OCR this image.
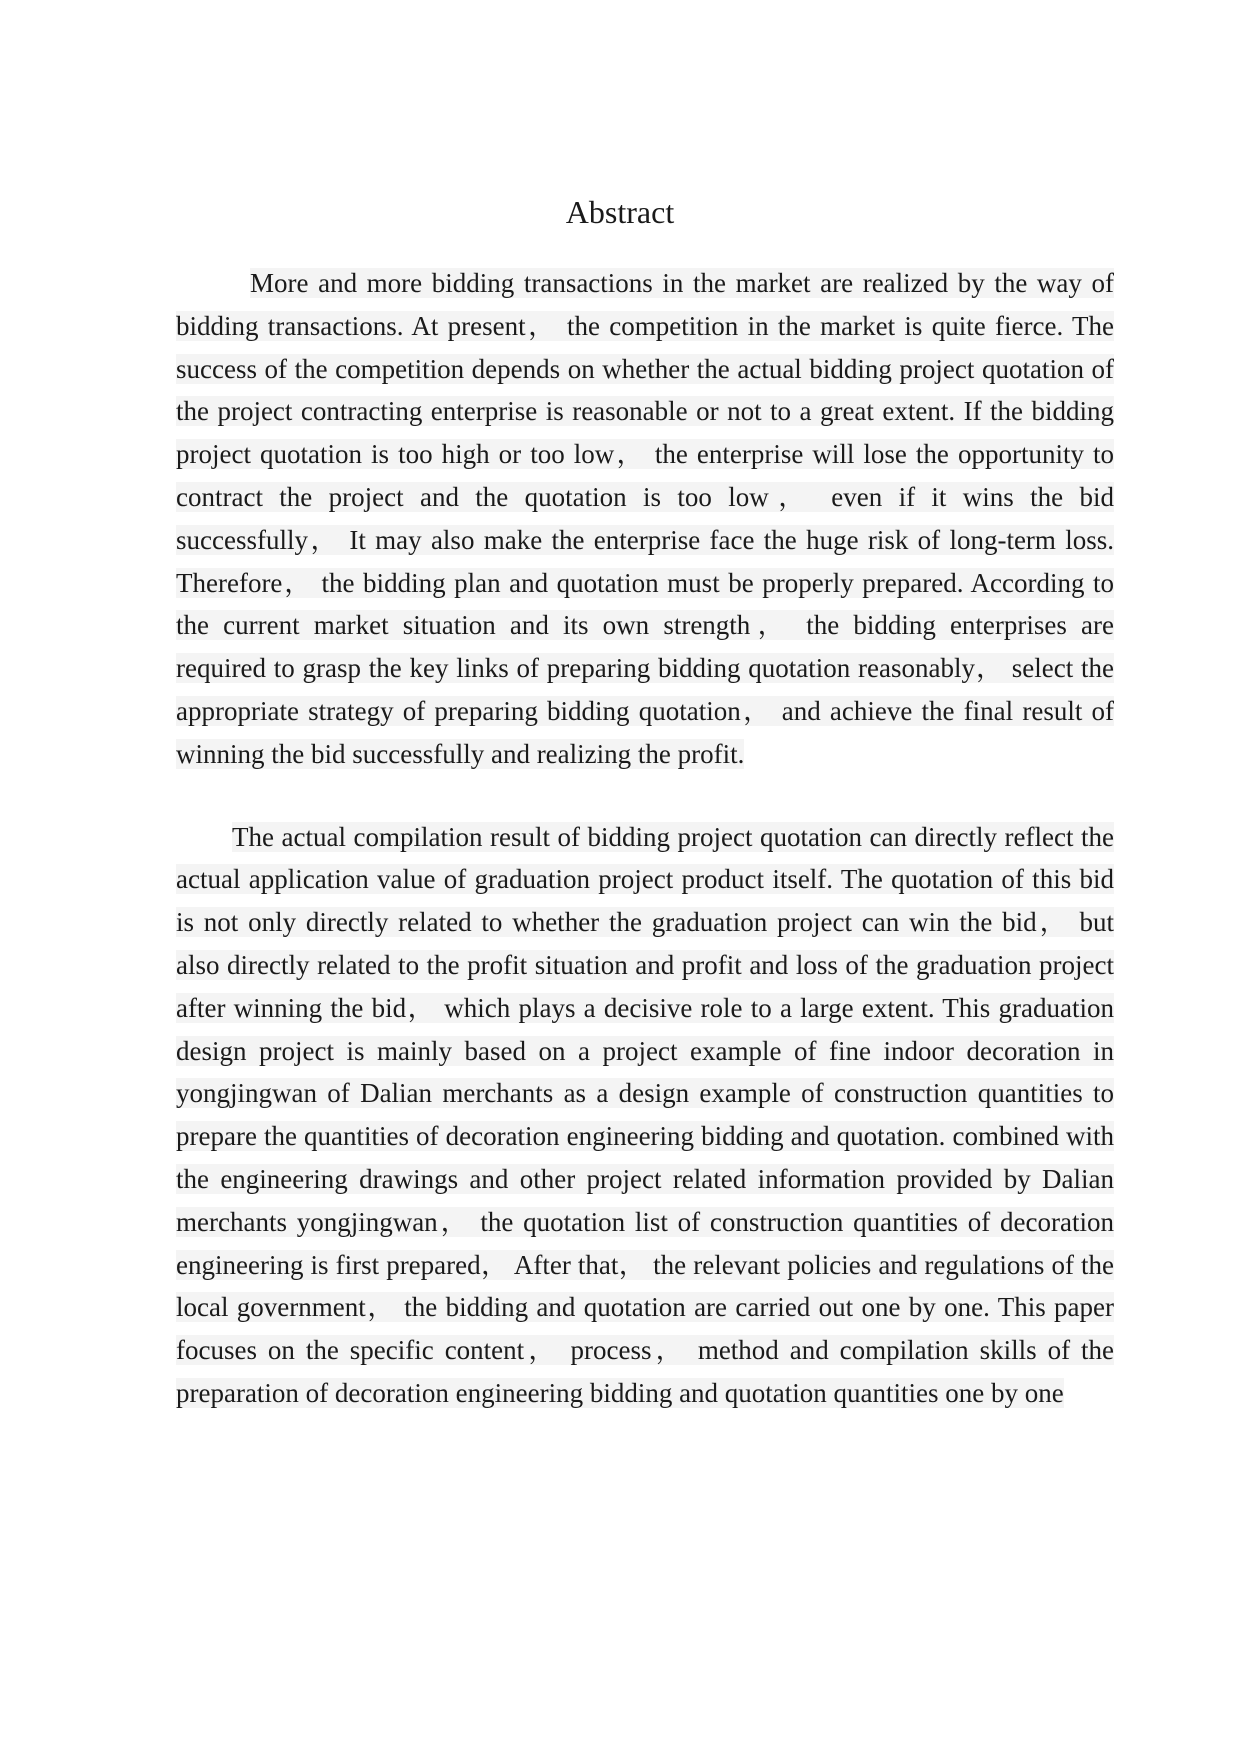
Abstract

More and more bidding transactions in the market are realized by the way of bidding transactions. At present， the competition in the market is quite fierce. The success of the competition depends on whether the actual bidding project quotation of the project contracting enterprise is reasonable or not to a great extent. If the bidding project quotation is too high or too low， the enterprise will lose the opportunity to contract the project and the quotation is too low， even if it wins the bid successfully， It may also make the enterprise face the huge risk of long-term loss. Therefore， the bidding plan and quotation must be properly prepared. According to the current market situation and its own strength， the bidding enterprises are required to grasp the key links of preparing bidding quotation reasonably， select the appropriate strategy of preparing bidding quotation， and achieve the final result of winning the bid successfully and realizing the profit.

The actual compilation result of bidding project quotation can directly reflect the actual application value of graduation project product itself. The quotation of this bid is not only directly related to whether the graduation project can win the bid， but also directly related to the profit situation and profit and loss of the graduation project after winning the bid， which plays a decisive role to a large extent. This graduation design project is mainly based on a project example of fine indoor decoration in yongjingwan of Dalian merchants as a design example of construction quantities to prepare the quantities of decoration engineering bidding and quotation. combined with the engineering drawings and other project related information provided by Dalian merchants yongjingwan， the quotation list of construction quantities of decoration engineering is first prepared， After that， the relevant policies and regulations of the local government， the bidding and quotation are carried out one by one. This paper focuses on the specific content， process， method and compilation skills of the preparation of decoration engineering bidding and quotation quantities one by one
